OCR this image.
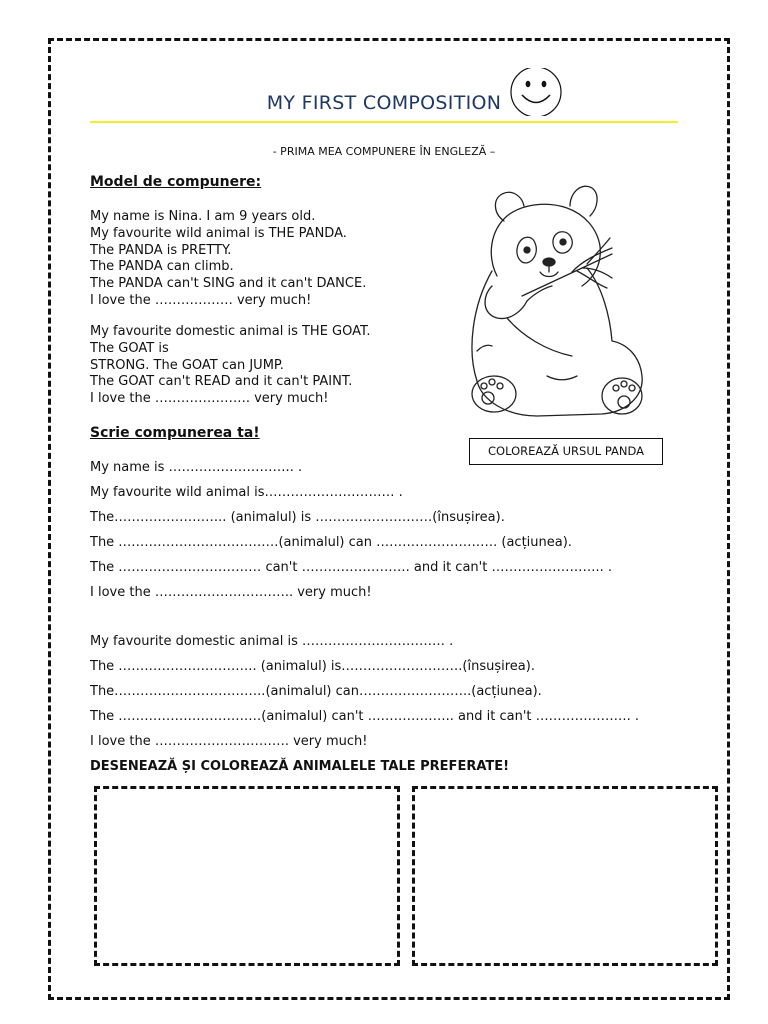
MY FIRST COMPOSITION
- PRIMA MEA COMPUNERE ÎN ENGLEZĂ –
Model de compunere:
My name is Nina. I am 9 years old.
My favourite wild animal is THE PANDA.
The PANDA is PRETTY.
The PANDA can climb.
The PANDA can't SING and it can't DANCE.
I love the ……………… very much!
My favourite domestic animal is THE GOAT.
The GOAT is
STRONG. The GOAT can JUMP.
The GOAT can't READ and it can't PAINT.
I love the …………………. very much!
COLOREAZĂ URSUL PANDA
Scrie compunerea ta!
My name is ……………………….. .
My favourite wild animal is………………………… .
The…………………….. (animalul) is ………………………(însușirea).
The ……………………………….(animalul) can ………………………. (acțiunea).
The …………………………… can't ……………………. and it can't …………………….. .
I love the ………………………….. very much!
My favourite domestic animal is …………………………… .
The ………………………….. (animalul) is……………………….(însușirea).
The……………………………..(animalul) can……………………..(acțiunea).
The ……………………………(animalul) can't ……………….. and it can't …………………. .
I love the …………………………. very much!
DESENEAZĂ ȘI COLOREAZĂ ANIMALELE TALE PREFERATE!
